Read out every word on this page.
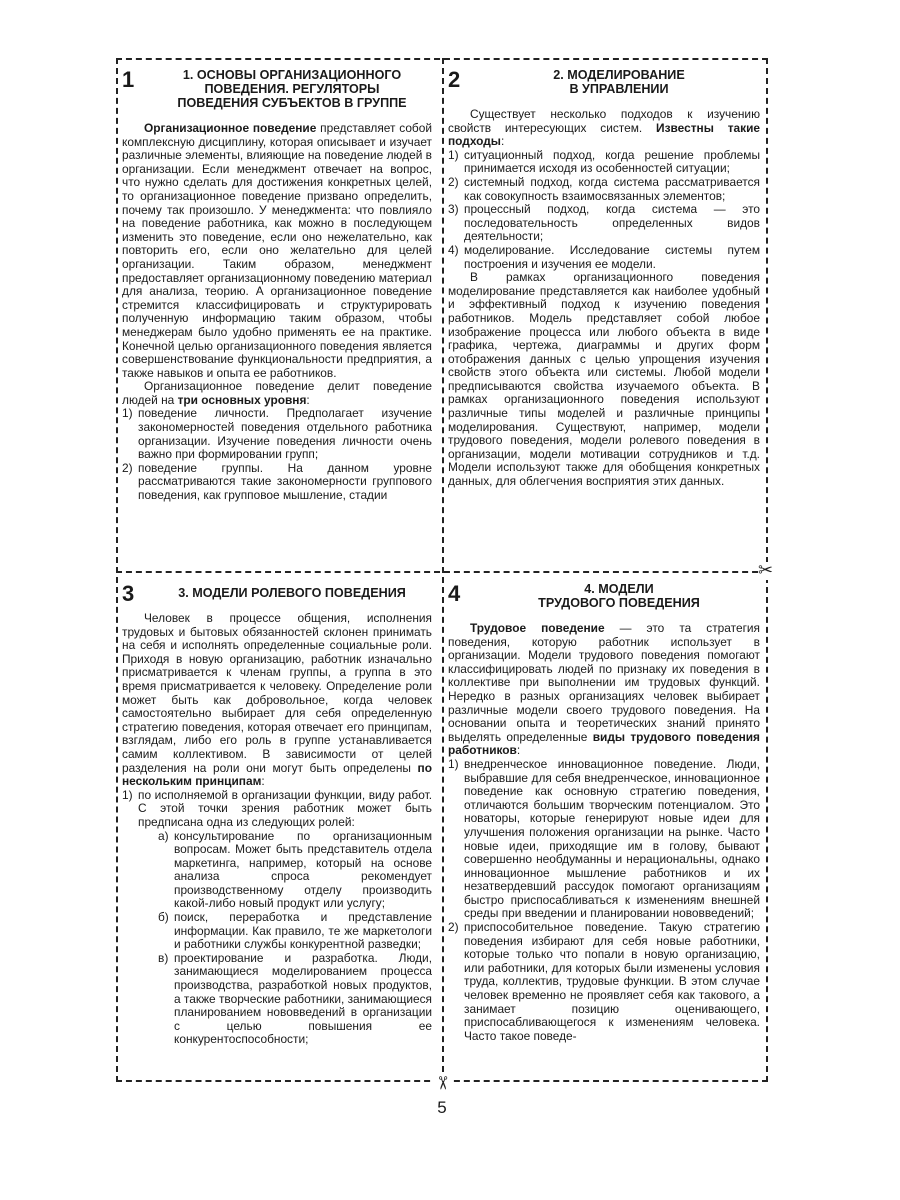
✂
✂
1	1. ОСНОВЫ ОРГАНИЗАЦИОННОГО
ПОВЕДЕНИЯ. РЕГУЛЯТОРЫ
ПОВЕДЕНИЯ СУБЪЕКТОВ В ГРУППЕ

Организационное поведение представляет собой комплексную дисциплину, которая описывает и изучает различные элементы, влияющие на поведение людей в организации. Если менеджмент отвечает на вопрос, что нужно сделать для достижения конкретных целей, то организационное поведение призвано определить, почему так произошло. У менеджмента: что повлияло на поведение работника, как можно в последующем изменить это поведение, если оно нежелательно, как повторить его, если оно желательно для целей организации. Таким образом, менеджмент предоставляет организационному поведению материал для анализа, теорию. А организационное поведение стремится классифицировать и структурировать полученную информацию таким образом, чтобы менеджерам было удобно применять ее на практике. Конечной целью организационного поведения является совершенствование функциональности предприятия, а также навыков и опыта ее работников.

Организационное поведение делит поведение людей на три основных уровня:

1) поведение личности. Предполагает изучение закономерностей поведения отдельного работника организации. Изучение поведения личности очень важно при формировании групп;
2) поведение группы. На данном уровне рассматриваются такие закономерности группового поведения, как групповое мышление, стадии
2	2. МОДЕЛИРОВАНИЕ
В УПРАВЛЕНИИ

Существует несколько подходов к изучению свойств интересующих систем. Известны такие подходы:

1) ситуационный подход, когда решение проблемы принимается исходя из особенностей ситуации;
2) системный подход, когда система рассматривается как совокупность взаимосвязанных элементов;
3) процессный подход, когда система — это последовательность определенных видов деятельности;
4) моделирование. Исследование системы путем построения и изучения ее модели.

В рамках организационного поведения моделирование представляется как наиболее удобный и эффективный подход к изучению поведения работников. Модель представляет собой любое изображение процесса или любого объекта в виде графика, чертежа, диаграммы и других форм отображения данных с целью упрощения изучения свойств этого объекта или системы. Любой модели предписываются свойства изучаемого объекта. В рамках организационного поведения используют различные типы моделей и различные принципы моделирования. Существуют, например, модели трудового поведения, модели ролевого поведения в организации, модели мотивации сотрудников и т.д. Модели используют также для обобщения конкретных данных, для облегчения восприятия этих данных.

3	3. МОДЕЛИ РОЛЕВОГО ПОВЕДЕНИЯ

Человек в процессе общения, исполнения трудовых и бытовых обязанностей склонен принимать на себя и исполнять определенные социальные роли. Приходя в новую организацию, работник изначально присматривается к членам группы, а группа в это время присматривается к человеку. Определение роли может быть как добровольное, когда человек самостоятельно выбирает для себя определенную стратегию поведения, которая отвечает его принципам, взглядам, либо его роль в группе устанавливается самим коллективом. В зависимости от целей разделения на роли они могут быть определены по нескольким принципам:

1) по исполняемой в организации функции, виду работ. С этой точки зрения работник может быть предписана одна из следующих ролей:
а) консультирование по организационным вопросам. Может быть представитель отдела маркетинга, например, который на основе анализа спроса рекомендует производственному отделу производить какой-либо новый продукт или услугу;
б) поиск, переработка и представление информации. Как правило, те же маркетологи и работники службы конкурентной разведки;
в) проектирование и разработка. Люди, занимающиеся моделированием процесса производства, разработкой новых продуктов, а также творческие работники, занимающиеся планированием нововведений в организации с целью повышения ее конкурентоспособности;
4	4. МОДЕЛИ
ТРУДОВОГО ПОВЕДЕНИЯ

Трудовое поведение — это та стратегия поведения, которую работник использует в организации. Модели трудового поведения помогают классифицировать людей по признаку их поведения в коллективе при выполнении им трудовых функций. Нередко в разных организациях человек выбирает различные модели своего трудового поведения. На основании опыта и теоретических знаний принято выделять определенные виды трудового поведения работников:

1) внедренческое инновационное поведение. Люди, выбравшие для себя внедренческое, инновационное поведение как основную стратегию поведения, отличаются большим творческим потенциалом. Это новаторы, которые генерируют новые идеи для улучшения положения организации на рынке. Часто новые идеи, приходящие им в голову, бывают совершенно необдуманны и нерациональны, однако инновационное мышление работников и их незатвердевший рассудок помогают организациям быстро приспосабливаться к изменениям внешней среды при введении и планировании нововведений;
2) приспособительное поведение. Такую стратегию поведения избирают для себя новые работники, которые только что попали в новую организацию, или работники, для которых были изменены условия труда, коллектив, трудовые функции. В этом случае человек временно не проявляет себя как такового, а занимает позицию оценивающего, приспосабливающегося к изменениям человека. Часто такое поведе-
5
